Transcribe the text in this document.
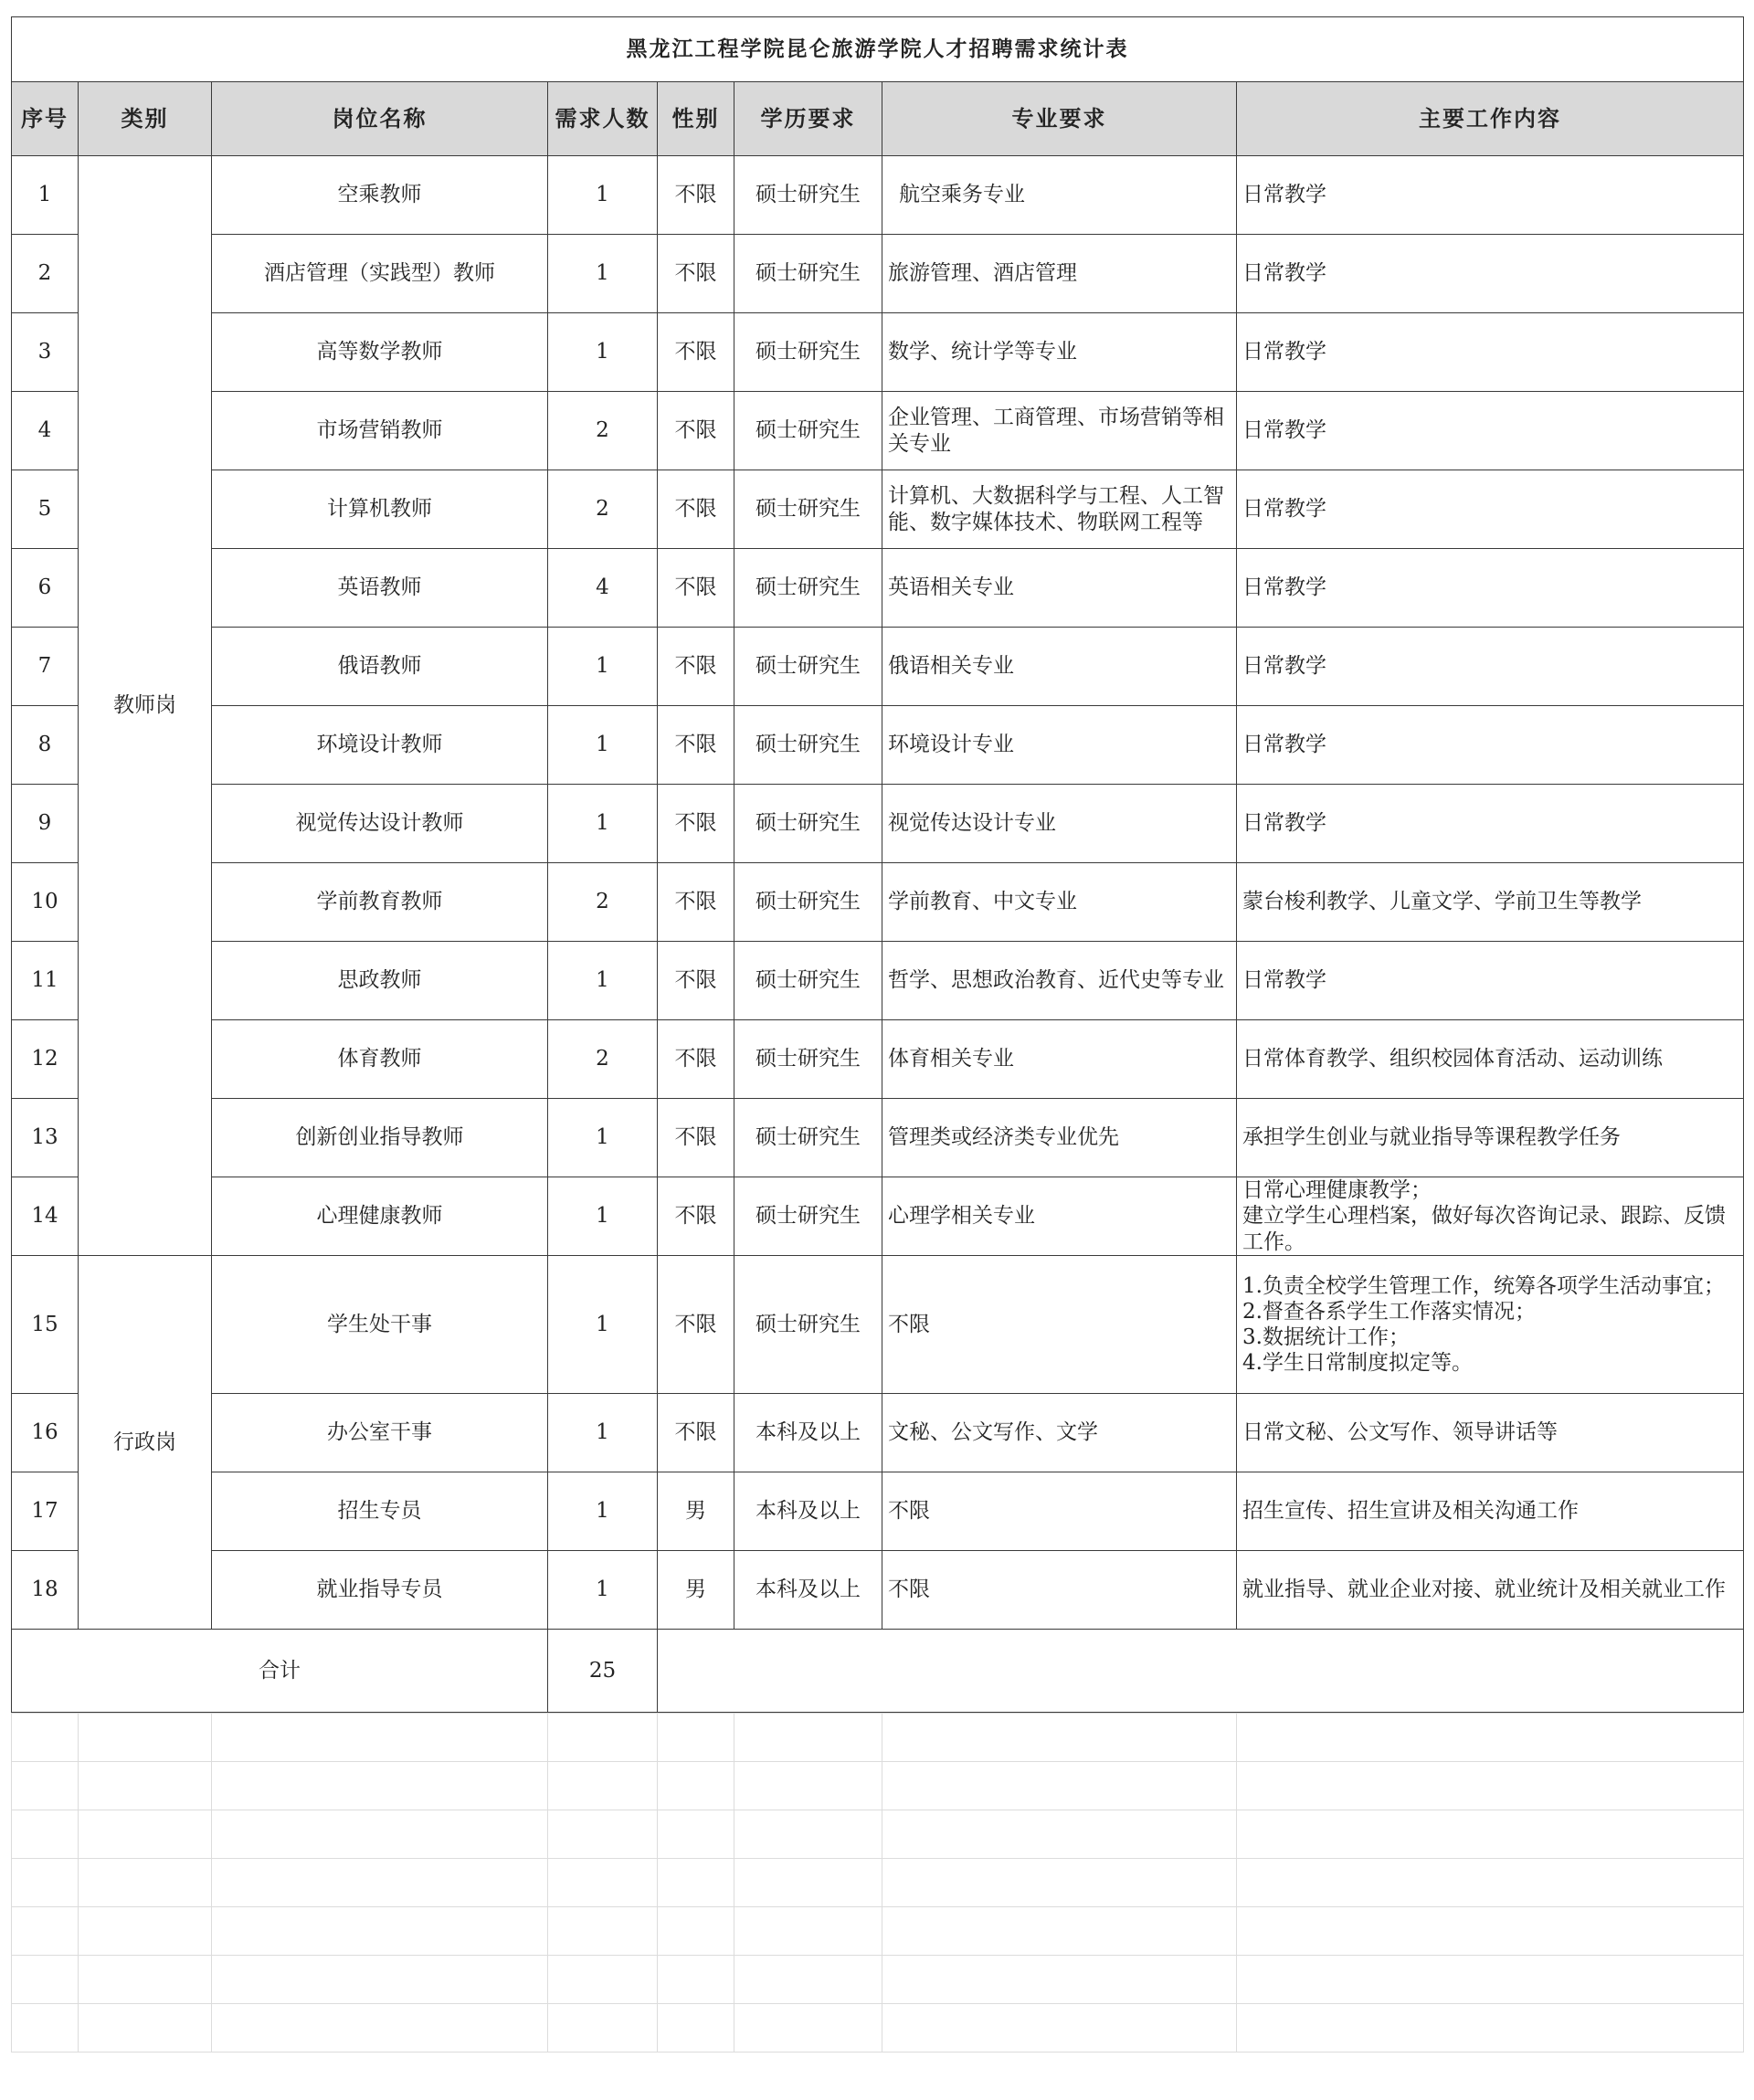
黑龙江工程学院昆仑旅游学院人才招聘需求统计表							
序号	类别	岗位名称	需求人数	性别	学历要求	专业要求	主要工作内容
1	教师岗	空乘教师	1	不限	硕士研究生	航空乘务专业	日常教学
2		酒店管理（实践型）教师	1	不限	硕士研究生	旅游管理、酒店管理	日常教学
3		高等数学教师	1	不限	硕士研究生	数学、统计学等专业	日常教学
4		市场营销教师	2	不限	硕士研究生	企业管理、工商管理、市场营销等相关专业	日常教学
5		计算机教师	2	不限	硕士研究生	计算机、大数据科学与工程、人工智能、数字媒体技术、物联网工程等	日常教学
6		英语教师	4	不限	硕士研究生	英语相关专业	日常教学
7		俄语教师	1	不限	硕士研究生	俄语相关专业	日常教学
8		环境设计教师	1	不限	硕士研究生	环境设计专业	日常教学
9		视觉传达设计教师	1	不限	硕士研究生	视觉传达设计专业	日常教学
10		学前教育教师	2	不限	硕士研究生	学前教育、中文专业	蒙台梭利教学、儿童文学、学前卫生等教学
11		思政教师	1	不限	硕士研究生	哲学、思想政治教育、近代史等专业	日常教学
12		体育教师	2	不限	硕士研究生	体育相关专业	日常体育教学、组织校园体育活动、运动训练
13		创新创业指导教师	1	不限	硕士研究生	管理类或经济类专业优先	承担学生创业与就业指导等课程教学任务
14		心理健康教师	1	不限	硕士研究生	心理学相关专业	日常心理健康教学；
建立学生心理档案，做好每次咨询记录、跟踪、反馈工作。
15	行政岗	学生处干事	1	不限	硕士研究生	不限	1.负责全校学生管理工作，统筹各项学生活动事宜；
2.督查各系学生工作落实情况；
3.数据统计工作；
4.学生日常制度拟定等。
16		办公室干事	1	不限	本科及以上	文秘、公文写作、文学	日常文秘、公文写作、领导讲话等
17		招生专员	1	男	本科及以上	不限	招生宣传、招生宣讲及相关沟通工作
18		就业指导专员	1	男	本科及以上	不限	就业指导、就业企业对接、就业统计及相关就业工作
合计			25				
